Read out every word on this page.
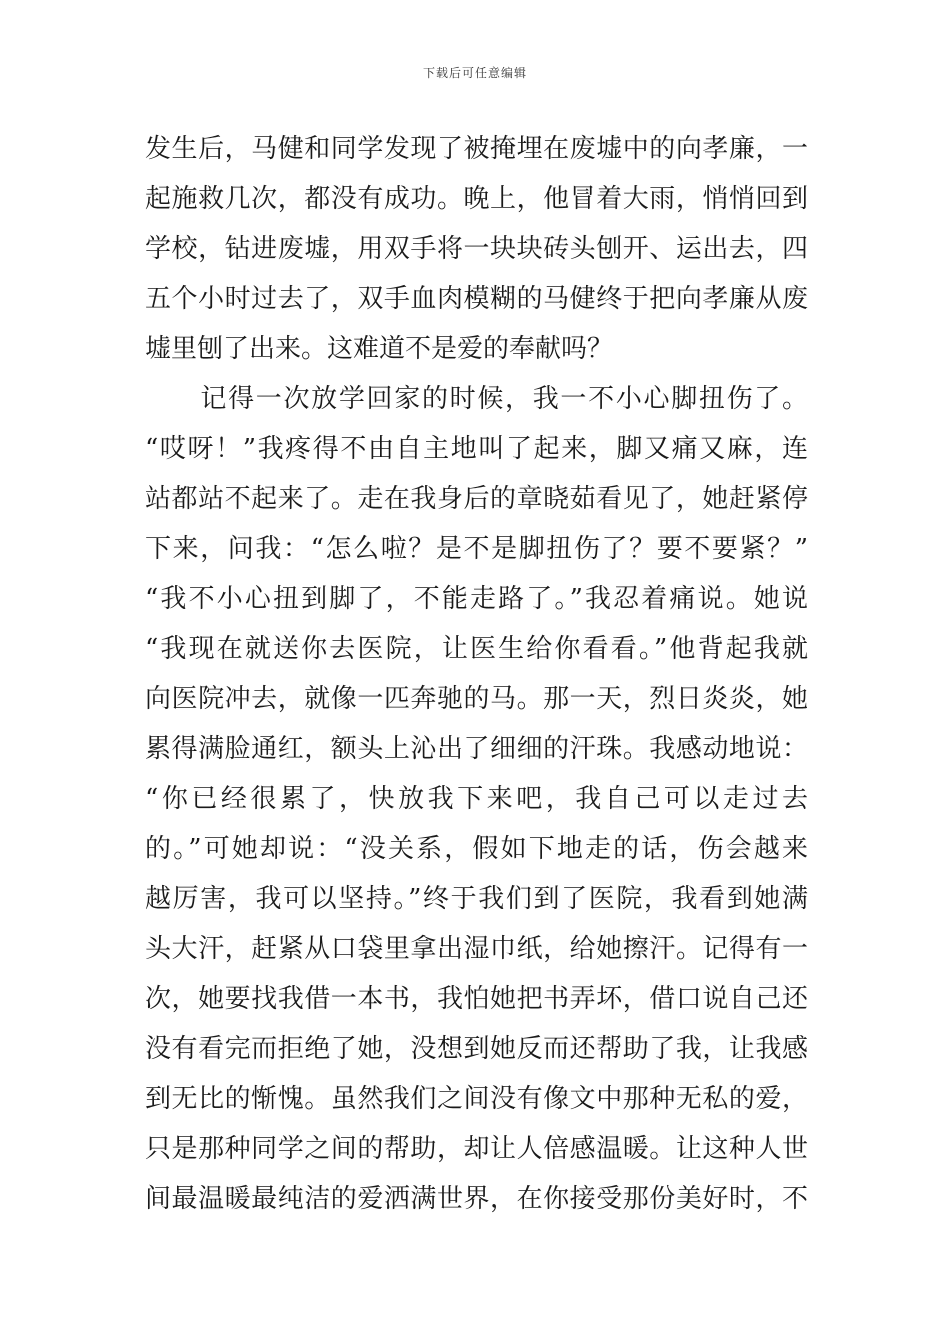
下载后可任意编辑
发生后，马健和同学发现了被掩埋在废墟中的向孝廉，一
起施救几次，都没有成功。晚上，他冒着大雨，悄悄回到
学校，钻进废墟，用双手将一块块砖头刨开、运出去，四
五个小时过去了，双手血肉模糊的马健终于把向孝廉从废
墟里刨了出来。这难道不是爱的奉献吗？
　　记得一次放学回家的时候，我一不小心脚扭伤了。
“哎呀！”我疼得不由自主地叫了起来，脚又痛又麻，连
站都站不起来了。走在我身后的章晓茹看见了，她赶紧停
下来，问我：“怎么啦？是不是脚扭伤了？要不要紧？”
“我不小心扭到脚了，不能走路了。”我忍着痛说。她说
“我现在就送你去医院，让医生给你看看。”他背起我就
向医院冲去，就像一匹奔驰的马。那一天，烈日炎炎，她
累得满脸通红，额头上沁出了细细的汗珠。我感动地说：
“你已经很累了，快放我下来吧，我自己可以走过去
的。”可她却说：“没关系，假如下地走的话，伤会越来
越厉害，我可以坚持。”终于我们到了医院，我看到她满
头大汗，赶紧从口袋里拿出湿巾纸，给她擦汗。记得有一
次，她要找我借一本书，我怕她把书弄坏，借口说自己还
没有看完而拒绝了她，没想到她反而还帮助了我，让我感
到无比的惭愧。虽然我们之间没有像文中那种无私的爱，
只是那种同学之间的帮助，却让人倍感温暖。让这种人世
间最温暖最纯洁的爱洒满世界，在你接受那份美好时，不
